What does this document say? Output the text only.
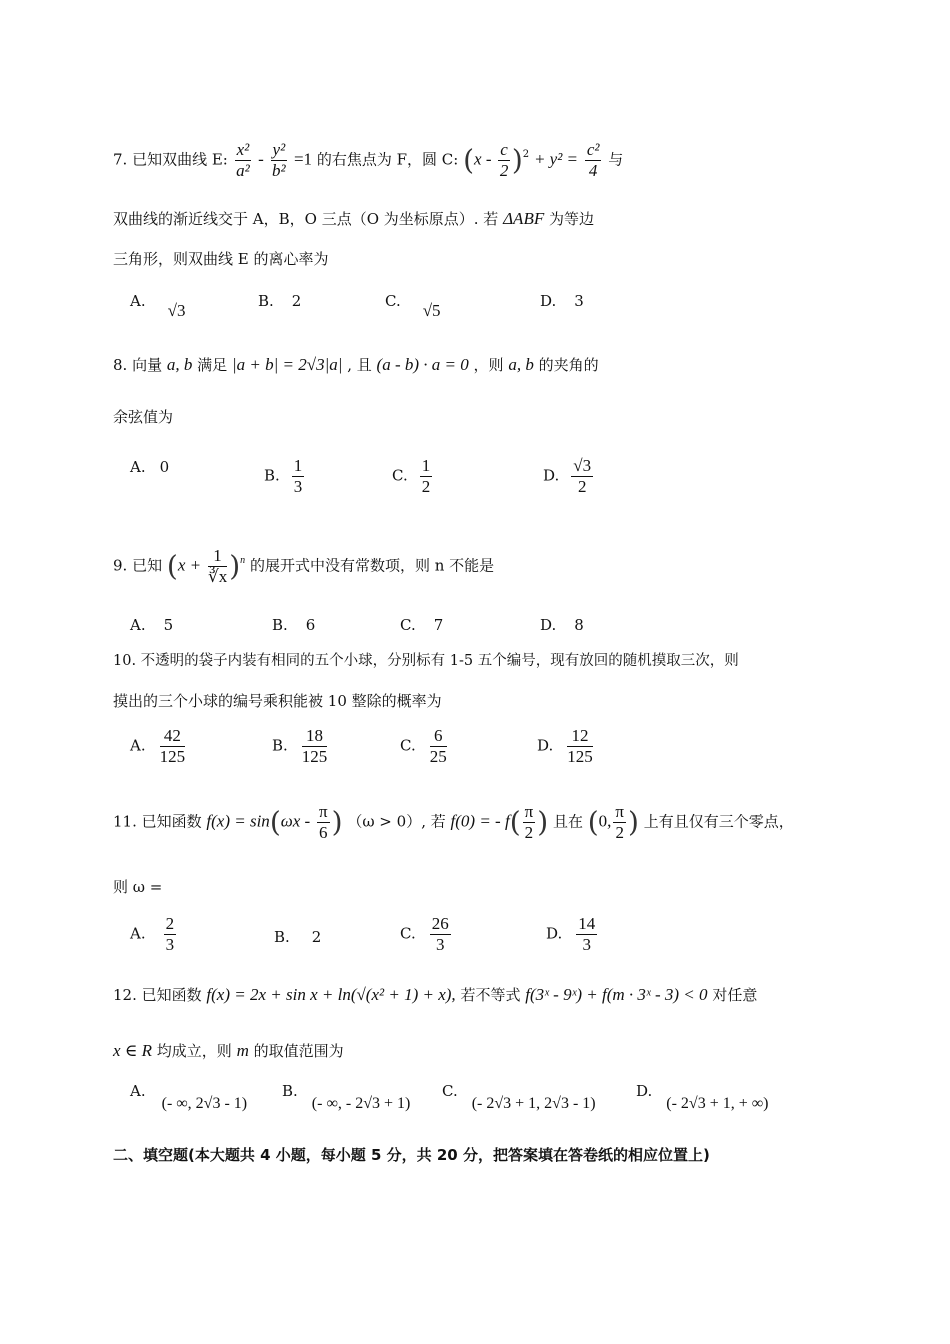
7. 已知双曲线 E: $\frac{\text{x²}}{\text{a²}} - \frac{\text{y²}}{\text{b²}} =1$ 的右焦点为 F，圆 C: $(x - \frac{c}{2} )^2 + y^2 = \frac{\text{c²}}{4}$ 与
双曲线的渐近线交于 A，B，O 三点（O 为坐标原点）. 若 ΔABF 为等边
三角形，则双曲线 E 的离心率为
A. √3	B. 2	C. √5	D. 3
8. 向量 a, b 满足 |a + b| = 2√3|a| , 且 (a - b) · a = 0 ，则 a, b 的夹角的
余弦值为
A. 0	B. $\frac{1}{3}$	C. $\frac{1}{2}$	D. $\frac{√3}{2}$
9. 已知 $(x + \frac{1}{∛x} )^n$ 的展开式中没有常数项，则 n 不能是
A. 5	B. 6	C. 7	D. 8
10. 不透明的袋子内装有相同的五个小球，分别标有 1-5 五个编号，现有放回的随机摸取三次，则
摸出的三个小球的编号乘积能被 10 整除的概率为
A. $\frac{42}{125}$	B. $\frac{18}{125}$	C. $\frac{6}{25}$	D. $\frac{12}{125}$
11. 已知函数 $f(x) = \sin(\omega x - \frac{\pi}{6}$ ) （ω > 0）, 若 f(0) = - $f( \frac{\pi}{2}$ ) 且在 (0, $\frac{\pi}{2}$ ) 上有且仅有三个零点，
则 ω =
A. $\frac{2}{3}$	B. 2	C. $\frac{26}{3}$	D. $\frac{14}{3}$
12. 已知函数 f(x) = 2x + sin x + ln(√(x² + 1) + x), 若不等式 f(3ˣ - 9ˣ) + f(m · 3ˣ - 3) < 0 对任意
x ∈ R 均成立，则 m 的取值范围为
A.(- ∞, 2√3 - 1)
B.(- ∞, - 2√3 + 1)
C.(- 2√3 + 1, 2√3 - 1)
D.(- 2√3 + 1, + ∞)
二、填空题(本大题共 4 小题，每小题 5 分，共 20 分，把答案填在答卷纸的相应位置上)
